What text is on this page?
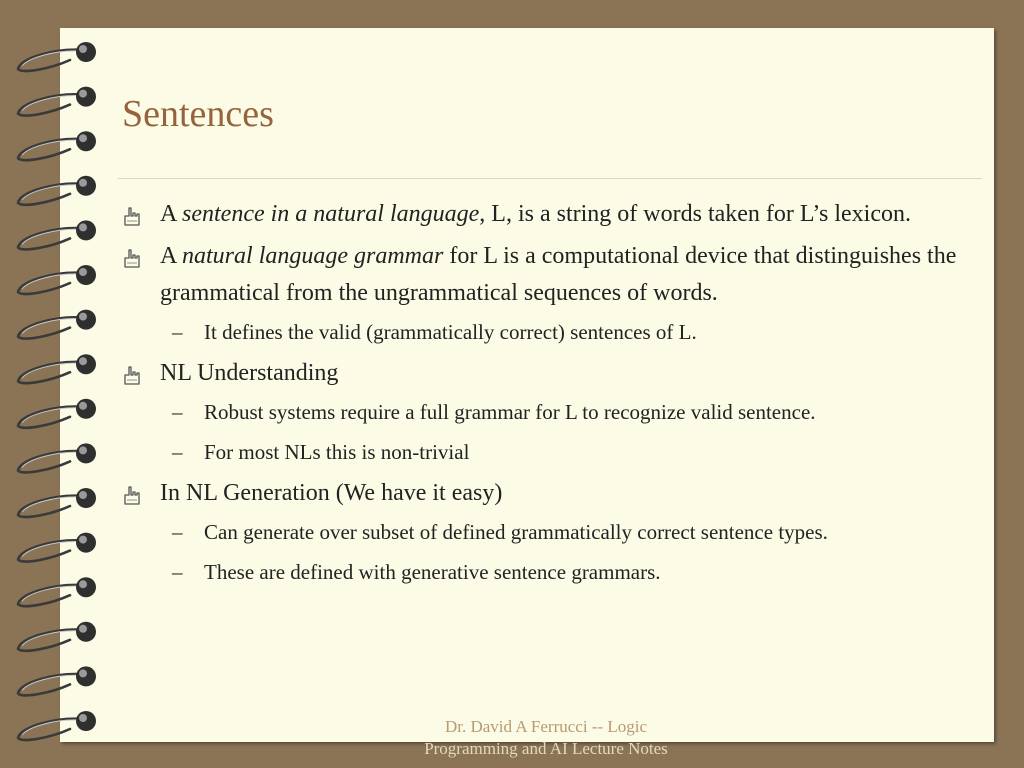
Sentences
A sentence in a natural language, L, is a string of words taken for L’s lexicon.
A natural language grammar for L is a computational device that distinguishes the grammatical from the ungrammatical sequences of words.
– It defines the valid (grammatically correct) sentences of L.
NL Understanding
– Robust systems require a full grammar for L to recognize valid sentence.
– For most NLs this is non-trivial
In NL Generation (We have it easy)
– Can generate over subset of defined grammatically correct sentence types.
– These are defined with generative sentence grammars.
Dr. David A Ferrucci -- Logic
Programming and AI Lecture Notes
